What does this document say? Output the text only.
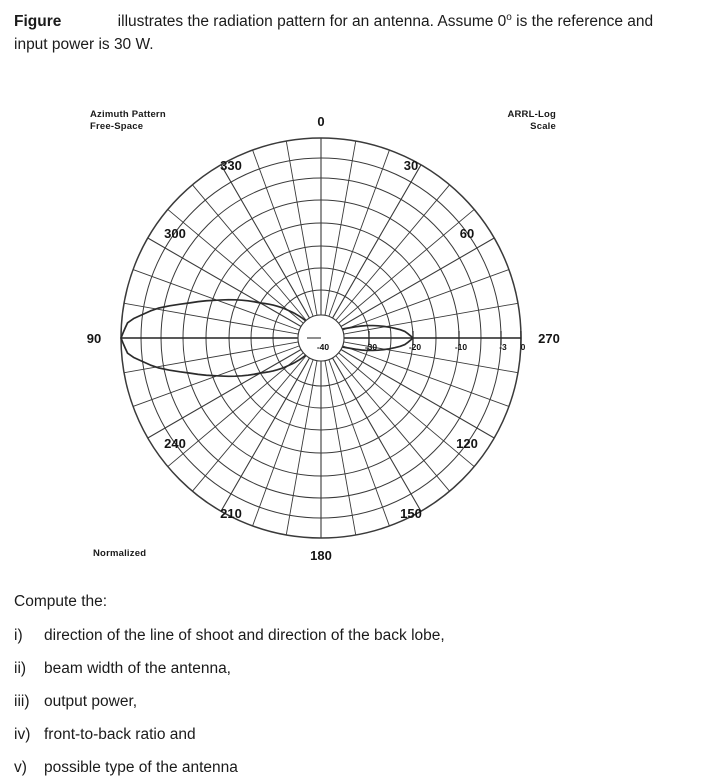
Figure	illustrates the radiation pattern for an antenna. Assume 0$^o$ is the reference and input power is 30 W.
Azimuth Pattern
Free-Space
ARRL-Log
Scale
Normalized
-40	-30	-20	-10	-3 0
0
30
60
90
120
150
180
210
240
270
300
330

Compute the:

i)	direction of the line of shoot and direction of the back lobe,
ii)	beam width of the antenna,
iii) output power,
iv) front-to-back ratio and
v)	possible type of the antenna
